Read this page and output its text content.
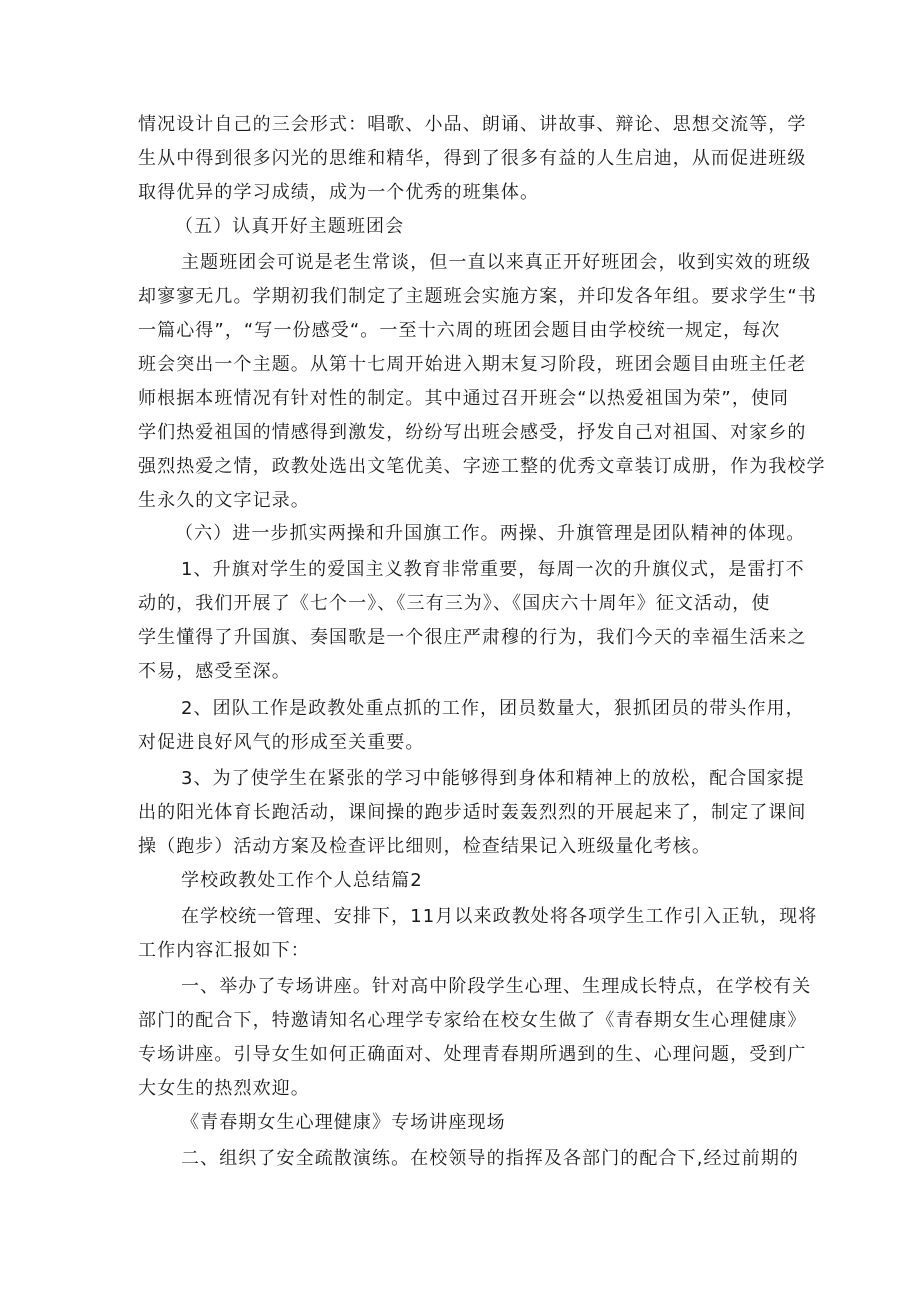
情况设计自己的三会形式：唱歌、小品、朗诵、讲故事、辩论、思想交流等，学
生从中得到很多闪光的思维和精华，得到了很多有益的人生启迪，从而促进班级
取得优异的学习成绩，成为一个优秀的班集体。
（五）认真开好主题班团会
主题班团会可说是老生常谈，但一直以来真正开好班团会，收到实效的班级
却寥寥无几。学期初我们制定了主题班会实施方案，并印发各年组。要求学生“书
一篇心得”，“写一份感受“。一至十六周的班团会题目由学校统一规定，每次
班会突出一个主题。从第十七周开始进入期末复习阶段，班团会题目由班主任老
师根据本班情况有针对性的制定。其中通过召开班会“以热爱祖国为荣”，使同
学们热爱祖国的情感得到激发，纷纷写出班会感受，抒发自己对祖国、对家乡的
强烈热爱之情，政教处选出文笔优美、字迹工整的优秀文章装订成册，作为我校学
生永久的文字记录。
（六）进一步抓实两操和升国旗工作。两操、升旗管理是团队精神的体现。
1、升旗对学生的爱国主义教育非常重要，每周一次的升旗仪式，是雷打不
动的，我们开展了《七个一》、《三有三为》、《国庆六十周年》征文活动，使
学生懂得了升国旗、奏国歌是一个很庄严肃穆的行为，我们今天的幸福生活来之
不易，感受至深。
2、团队工作是政教处重点抓的工作，团员数量大，狠抓团员的带头作用，
对促进良好风气的形成至关重要。
3、为了使学生在紧张的学习中能够得到身体和精神上的放松，配合国家提
出的阳光体育长跑活动，课间操的跑步适时轰轰烈烈的开展起来了，制定了课间
操（跑步）活动方案及检查评比细则，检查结果记入班级量化考核。
学校政教处工作个人总结篇2
在学校统一管理、安排下，11月以来政教处将各项学生工作引入正轨，现将
工作内容汇报如下：
一、举办了专场讲座。针对高中阶段学生心理、生理成长特点，在学校有关
部门的配合下，特邀请知名心理学专家给在校女生做了《青春期女生心理健康》
专场讲座。引导女生如何正确面对、处理青春期所遇到的生、心理问题，受到广
大女生的热烈欢迎。
《青春期女生心理健康》专场讲座现场
二、组织了安全疏散演练。在校领导的指挥及各部门的配合下,经过前期的
